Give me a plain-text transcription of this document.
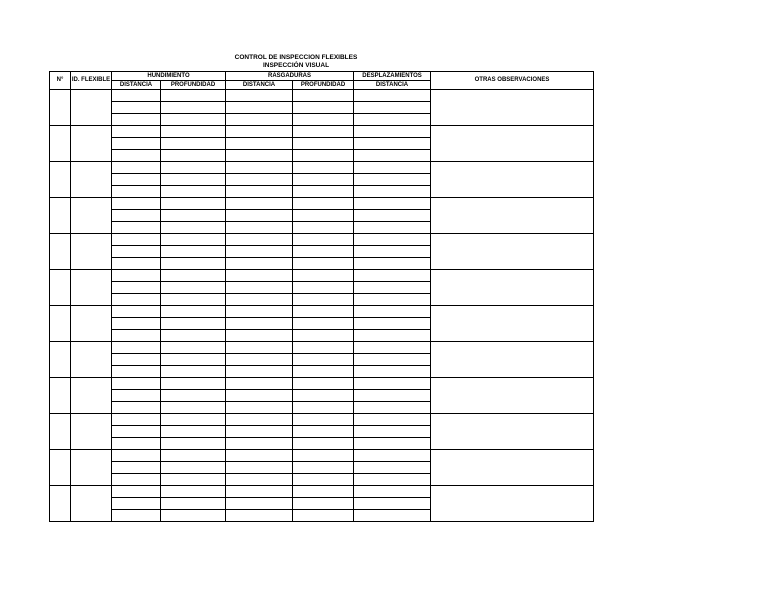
CONTROL DE INSPECCION FLEXIBLES
INSPECCIÓN VISUAL
N°	ID. FLEXIBLE	HUNDIMIENTO		RASGADURAS		DESPLAZAMIENTOS	OTRAS OBSERVACIONES
		DISTANCIA	PROFUNDIDAD	DISTANCIA	PROFUNDIDAD	DISTANCIA	
